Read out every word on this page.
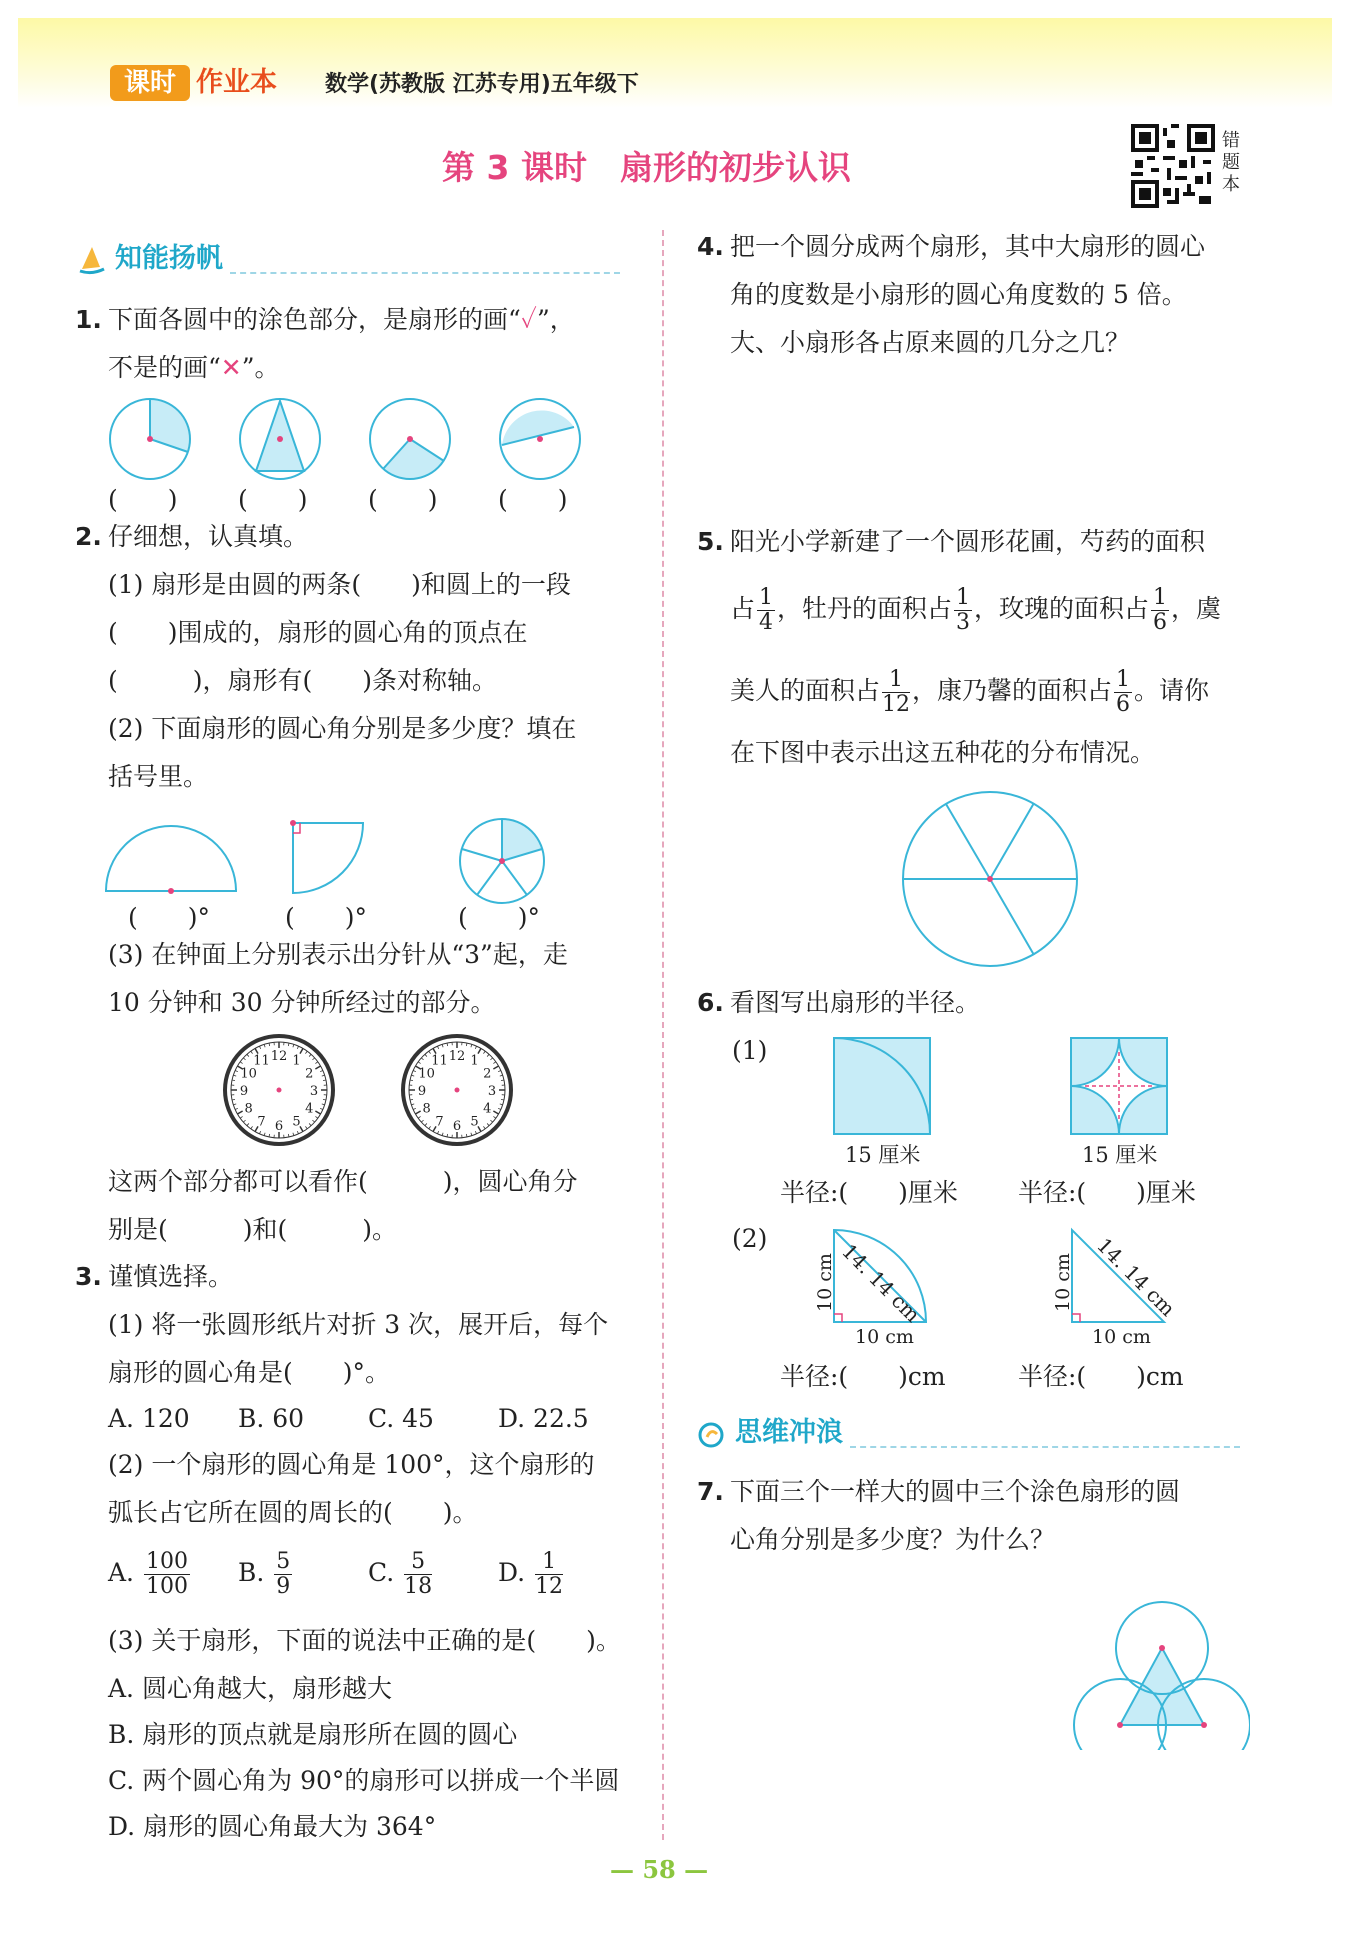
课时 作业本 数学(苏教版 江苏专用)五年级下
第 3 课时　扇形的初步认识
错题本
知能扬帆
1. 下面各圆中的涂色部分，是扇形的画“✓”，
不是的画“✕”。
(　　) (　　) (　　) (　　)
2. 仔细想，认真填。
(1) 扇形是由圆的两条(　　)和圆上的一段
(　　)围成的，扇形的圆心角的顶点在
(　　　)，扇形有(　　)条对称轴。
(2) 下面扇形的圆心角分别是多少度？填在
括号里。
(　　)°	(　　)°	(　　)°
(3) 在钟面上分别表示出分针从“3”起，走
10 分钟和 30 分钟所经过的部分。
12 1
2
3
4
5
6
7
8
9
10
11	12 1
2
3
4
5
6
7
8
9
10
11
这两个部分都可以看作(　　　)，圆心角分
别是(　　　)和(　　　)。
3. 谨慎选择。
(1) 将一张圆形纸片对折 3 次，展开后，每个
扇形的圆心角是(　　)°。
A. 120 B. 60	C. 45	D. 22.5
(2) 一个扇形的圆心角是 100°，这个扇形的
弧长占它所在圆的周长的(　　)。
A. $\frac{100}{100} B$. $\frac{5}{9}$	C. $\frac{5}{18}$	D. $\frac{1}{12}$
(3) 关于扇形，下面的说法中正确的是(　　)。
A. 圆心角越大，扇形越大
B. 扇形的顶点就是扇形所在圆的圆心
C. 两个圆心角为 90°的扇形可以拼成一个半圆
D. 扇形的圆心角最大为 364°
4. 把一个圆分成两个扇形，其中大扇形的圆心
角的度数是小扇形的圆心角度数的 5 倍。
大、小扇形各占原来圆的几分之几？
5. 阳光小学新建了一个圆形花圃，芍药的面积
占 $\frac{1}{4}$ ，牡丹的面积占 $\frac{1}{3}$ ，玫瑰的面积占 $\frac{1}{6}$ ，虞
美人的面积占 $\frac{1}{12}$ ，康乃馨的面积占 $\frac{1}{6}$ 。请你
在下图中表示出这五种花的分布情况。
6. 看图写出扇形的半径。
(1)
15 厘米	15 厘米
半径:(　　)厘米 半径:(　　)厘米
(2)
10 cm 14. 14 cm
10 cm
10 cm 14. 14 cm
10 cm
半径:(　　)cm	半径:(　　)cm
思维冲浪
7. 下面三个一样大的圆中三个涂色扇形的圆
心角分别是多少度？为什么？
— 58 —
